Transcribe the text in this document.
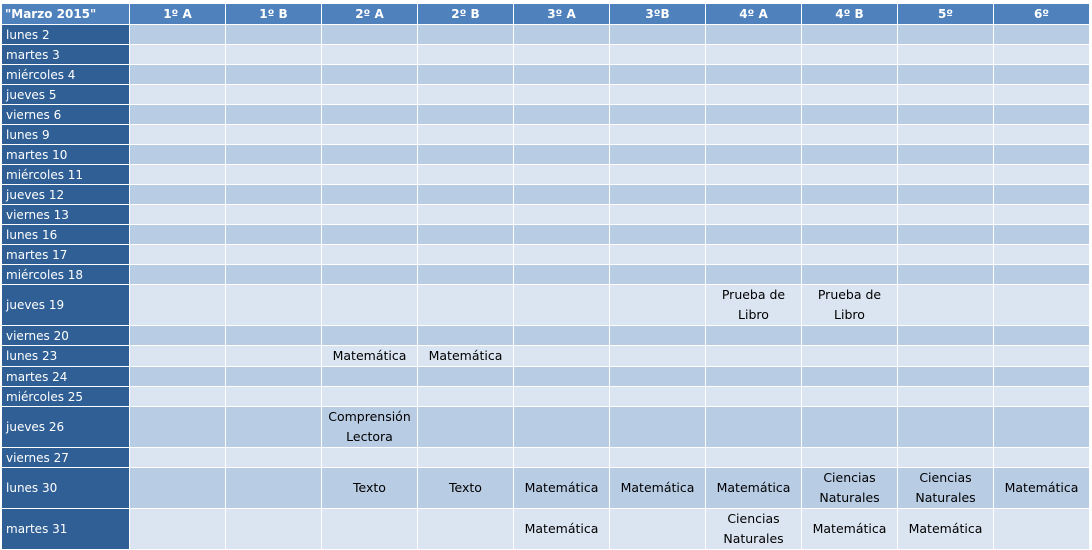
"Marzo 2015"	1º A	1º B	2º A	2º B	3º A	3ºB	4º A	4º B	5º	6º
lunes 2										
martes 3										
miércoles 4										
jueves 5										
viernes 6										
lunes 9										
martes 10										
miércoles 11										
jueves 12										
viernes 13										
lunes 16										
martes 17										
miércoles 18										
jueves 19							Prueba de Libro	Prueba de Libro		
viernes 20										
lunes 23			Matemática	Matemática						
martes 24										
miércoles 25										
jueves 26			Comprensión Lectora							
viernes 27										
lunes 30			Texto	Texto	Matemática	Matemática	Matemática	Ciencias Naturales	Ciencias Naturales	Matemática
martes 31					Matemática		Ciencias Naturales	Matemática	Matemática	
